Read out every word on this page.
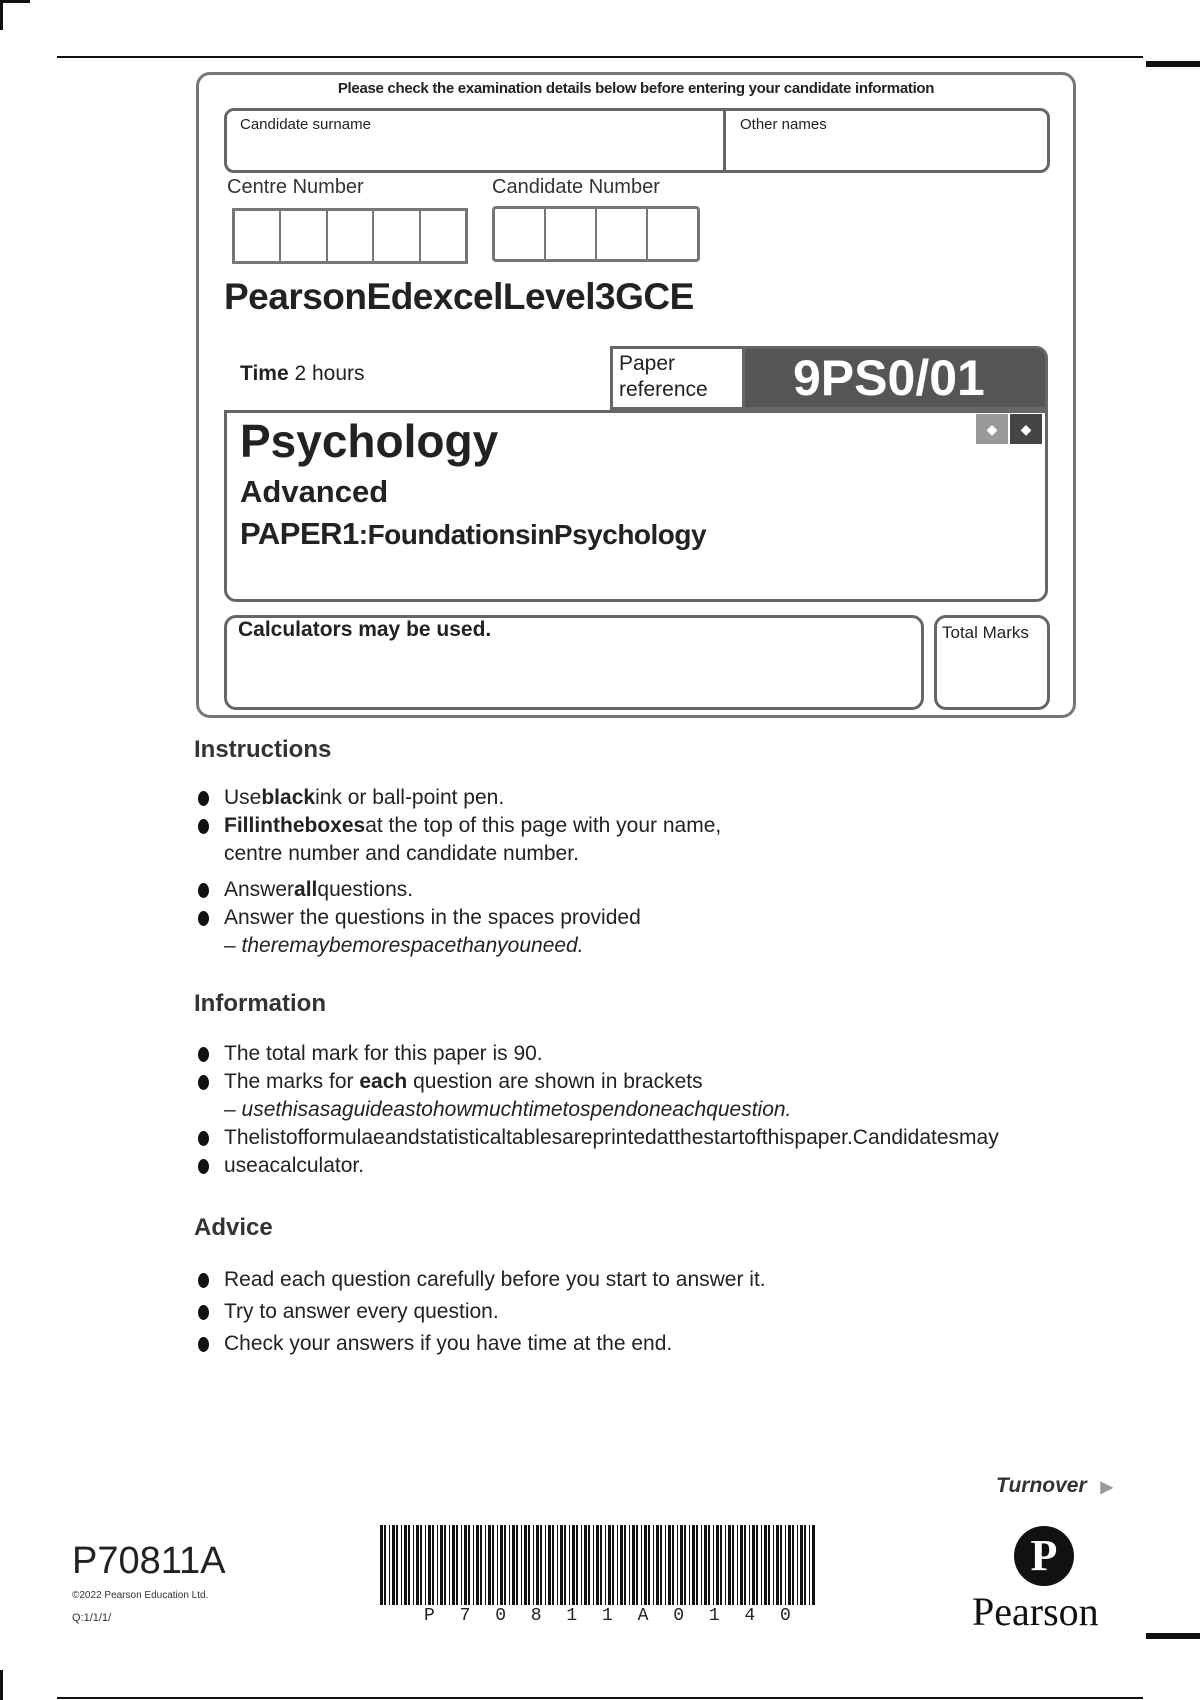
Please check the examination details below before entering your candidate information
Candidate surname	Other names
Centre Number	Candidate Number
PearsonEdexcelLevel3GCE
Time 2 hours	Paper
reference	9PS0/01
◆	◆
Psychology
Advanced
PAPER1:FoundationsinPsychology
Calculators may be used.	Total Marks
Instructions
Useblackink or ball-point pen.
Fillintheboxesat the top of this page with your name,
centre number and candidate number.
Answerallquestions.
Answer the questions in the spaces provided
– theremaybemorespacethanyouneed.
Information
The total mark for this paper is 90.
The marks for each question are shown in brackets
– usethisasaguideastohowmuchtimetospendoneachquestion.
Thelistofformulaeandstatisticaltablesareprintedatthestartofthispaper.Candidatesmay
useacalculator.
Advice
Read each question carefully before you start to answer it.
Try to answer every question.
Check your answers if you have time at the end.
Turnover ▶
P70811A
©2022 Pearson Education Ltd.
Q:1/1/1/	P 7 0 8 1 1 A 0 1 4 0
P
Pearson
